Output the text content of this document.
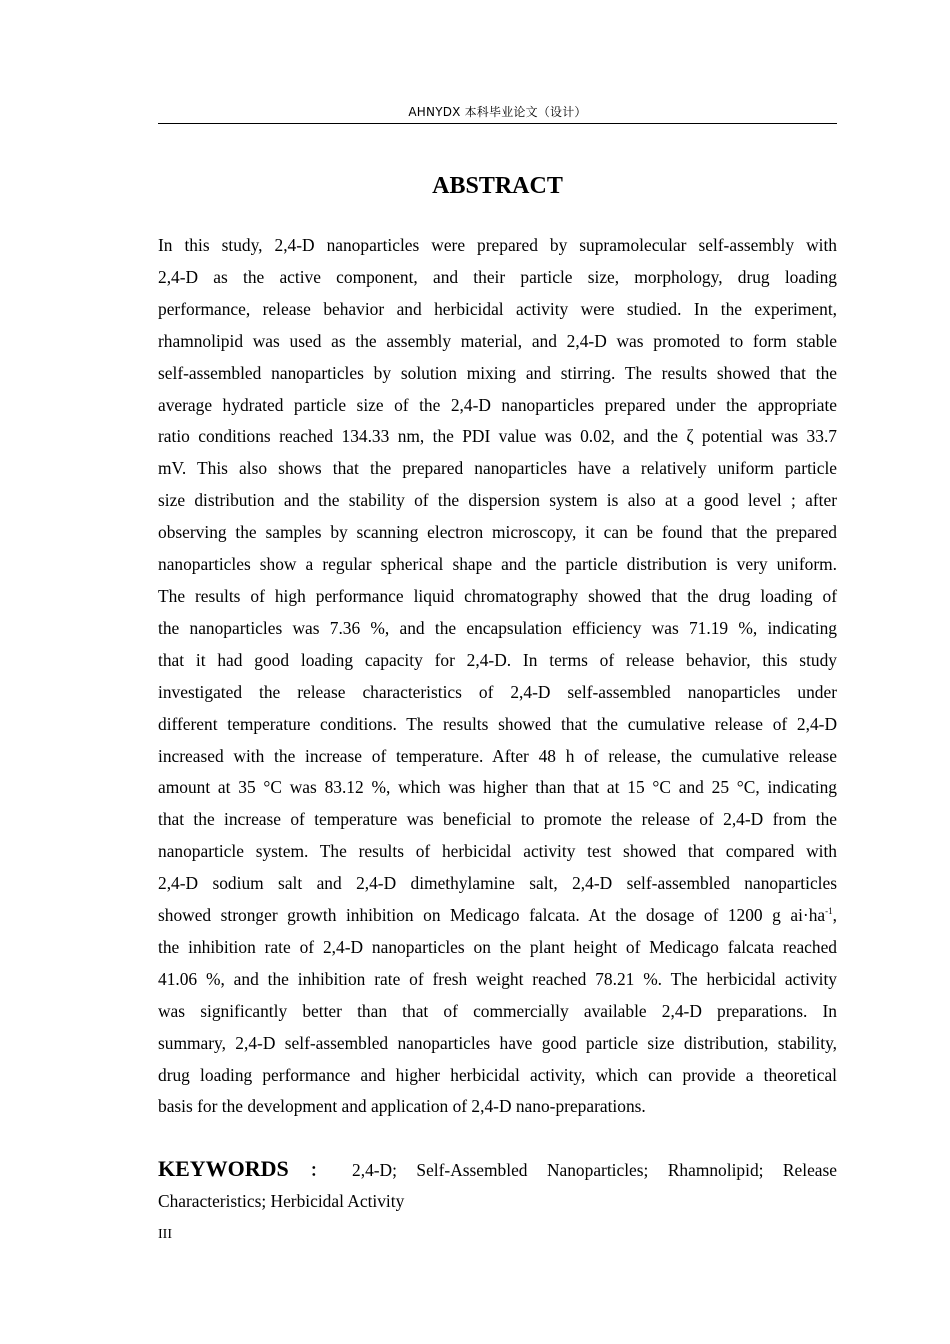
AHNYDX 本科毕业论文（设计）
ABSTRACT
In this study, 2,4-D nanoparticles were prepared by supramolecular self-assembly with
2,4-D as the active component, and their particle size, morphology, drug loading
performance, release behavior and herbicidal activity were studied. In the experiment,
rhamnolipid was used as the assembly material, and 2,4-D was promoted to form stable
self-assembled nanoparticles by solution mixing and stirring. The results showed that the
average hydrated particle size of the 2,4-D nanoparticles prepared under the appropriate
ratio conditions reached 134.33 nm, the PDI value was 0.02, and the ζ potential was 33.7
mV. This also shows that the prepared nanoparticles have a relatively uniform particle
size distribution and the stability of the dispersion system is also at a good level ; after
observing the samples by scanning electron microscopy, it can be found that the prepared
nanoparticles show a regular spherical shape and the particle distribution is very uniform.
The results of high performance liquid chromatography showed that the drug loading of
the nanoparticles was 7.36 %, and the encapsulation efficiency was 71.19 %, indicating
that it had good loading capacity for 2,4-D. In terms of release behavior, this study
investigated the release characteristics of 2,4-D self-assembled nanoparticles under
different temperature conditions. The results showed that the cumulative release of 2,4-D
increased with the increase of temperature. After 48 h of release, the cumulative release
amount at 35 °C was 83.12 %, which was higher than that at 15 °C and 25 °C, indicating
that the increase of temperature was beneficial to promote the release of 2,4-D from the
nanoparticle system. The results of herbicidal activity test showed that compared with
2,4-D sodium salt and 2,4-D dimethylamine salt, 2,4-D self-assembled nanoparticles
showed stronger growth inhibition on Medicago falcata. At the dosage of 1200 g $ai\cdot ha^{-1}$,
the inhibition rate of 2,4-D nanoparticles on the plant height of Medicago falcata reached
41.06 %, and the inhibition rate of fresh weight reached 78.21 %. The herbicidal activity
was significantly better than that of commercially available 2,4-D preparations. In
summary, 2,4-D self-assembled nanoparticles have good particle size distribution, stability,
drug loading performance and higher herbicidal activity, which can provide a theoretical
basis for the development and application of 2,4-D nano-preparations.
KEYWORDS ： 2,4-D; Self-Assembled Nanoparticles; Rhamnolipid; Release
Characteristics; Herbicidal Activity
III
